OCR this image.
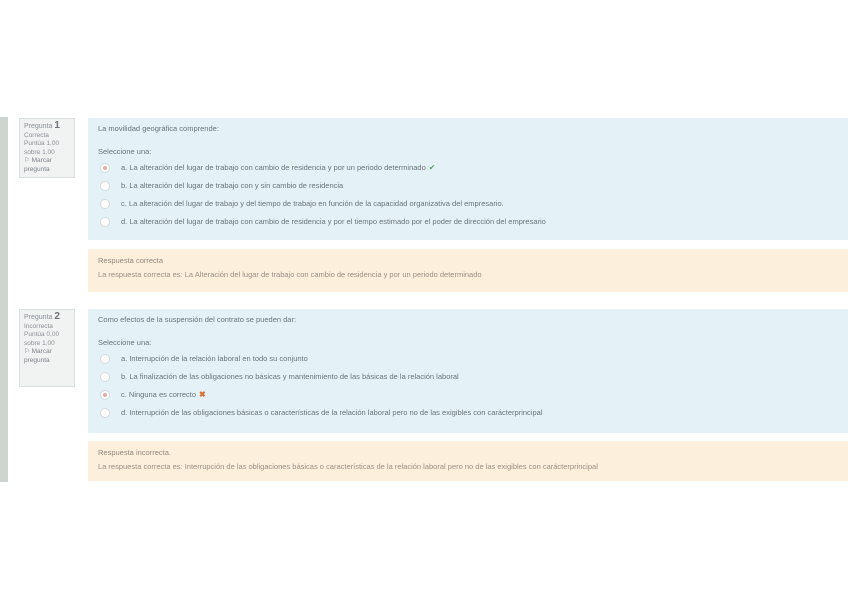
Pregunta 1
Correcta
Puntúa 1,00
sobre 1,00
⚐ Marcar
pregunta
La movilidad geográfica comprende:
Seleccione una:
a. La alteración del lugar de trabajo con cambio de residencia y por un periodo determinado ✔
b. La alteración del lugar de trabajo con y sin cambio de residencia
c. La alteración del lugar de trabajo y del tiempo de trabajo en función de la capacidad organizativa del empresario.
d. La alteración del lugar de trabajo con cambio de residencia y por el tiempo estimado por el poder de dirección del empresario
Respuesta correcta
La respuesta correcta es: La Alteración del lugar de trabajo con cambio de residencia y por un periodo determinado
Pregunta 2
Incorrecta
Puntúa 0,00
sobre 1,00
⚐ Marcar
pregunta
Como efectos de la suspensión del contrato se pueden dar:
Seleccione una:
a. Interrupción de la relación laboral en todo su conjunto
b. La finalización de las obligaciones no básicas y mantenimiento de las básicas de la relación laboral
c. Ninguna es correcto ✖
d. Interrupción de las obligaciones básicas o características de la relación laboral pero no de las exigibles con carácterprincipal
Respuesta incorrecta.
La respuesta correcta es: Interrupción de las obligaciones básicas o características de la relación laboral pero no de las exigibles con carácterprincipal
